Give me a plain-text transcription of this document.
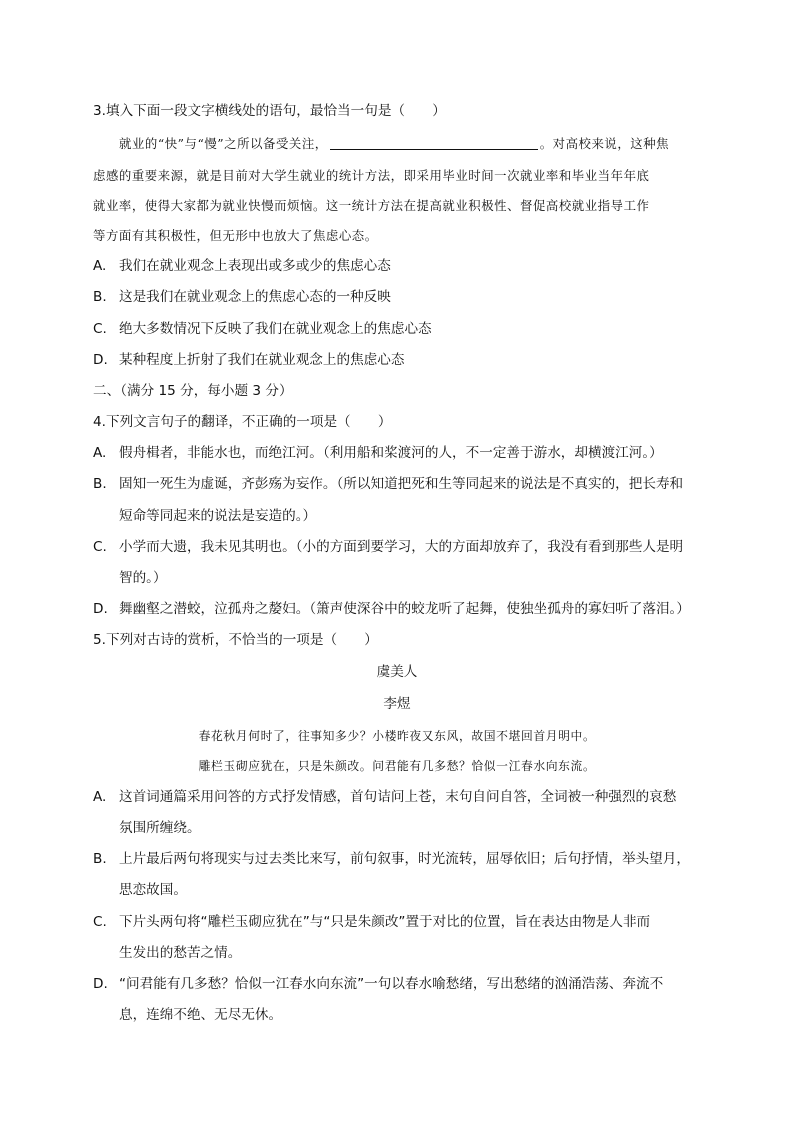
3.填入下面一段文字横线处的语句，最恰当一句是（　　）
就业的“快”与“慢”之所以备受关注，	。对高校来说，这种焦
虑感的重要来源，就是目前对大学生就业的统计方法，即采用毕业时间一次就业率和毕业当年年底
就业率，使得大家都为就业快慢而烦恼。这一统计方法在提高就业积极性、督促高校就业指导工作
等方面有其积极性，但无形中也放大了焦虑心态。
A. 我们在就业观念上表现出或多或少的焦虑心态
B. 这是我们在就业观念上的焦虑心态的一种反映
C. 绝大多数情况下反映了我们在就业观念上的焦虑心态
D. 某种程度上折射了我们在就业观念上的焦虑心态
二、（满分 15 分，每小题 3 分）
4.下列文言句子的翻译，不正确的一项是（　　）
A. 假舟楫者，非能水也，而绝江河。（利用船和桨渡河的人，不一定善于游水，却横渡江河。）
B. 固知一死生为虚诞，齐彭殇为妄作。（所以知道把死和生等同起来的说法是不真实的，把长寿和
短命等同起来的说法是妄造的。）
C. 小学而大遗，我未见其明也。（小的方面到要学习，大的方面却放弃了，我没有看到那些人是明
智的。）
D. 舞幽壑之潜蛟，泣孤舟之嫠妇。（箫声使深谷中的蛟龙听了起舞，使独坐孤舟的寡妇听了落泪。）
5.下列对古诗的赏析，不恰当的一项是（　　）
虞美人
李煜
春花秋月何时了，往事知多少？小楼昨夜又东风，故国不堪回首月明中。
雕栏玉砌应犹在，只是朱颜改。问君能有几多愁？恰似一江春水向东流。
A. 这首词通篇采用问答的方式抒发情感，首句诘问上苍，末句自问自答，全词被一种强烈的哀愁
氛围所缠绕。
B. 上片最后两句将现实与过去类比来写，前句叙事，时光流转，屈辱依旧；后句抒情，举头望月，
思恋故国。
C. 下片头两句将“雕栏玉砌应犹在”与“只是朱颜改”置于对比的位置，旨在表达由物是人非而
生发出的愁苦之情。
D. “问君能有几多愁？恰似一江春水向东流”一句以春水喻愁绪，写出愁绪的汹涌浩荡、奔流不
息，连绵不绝、无尽无休。
